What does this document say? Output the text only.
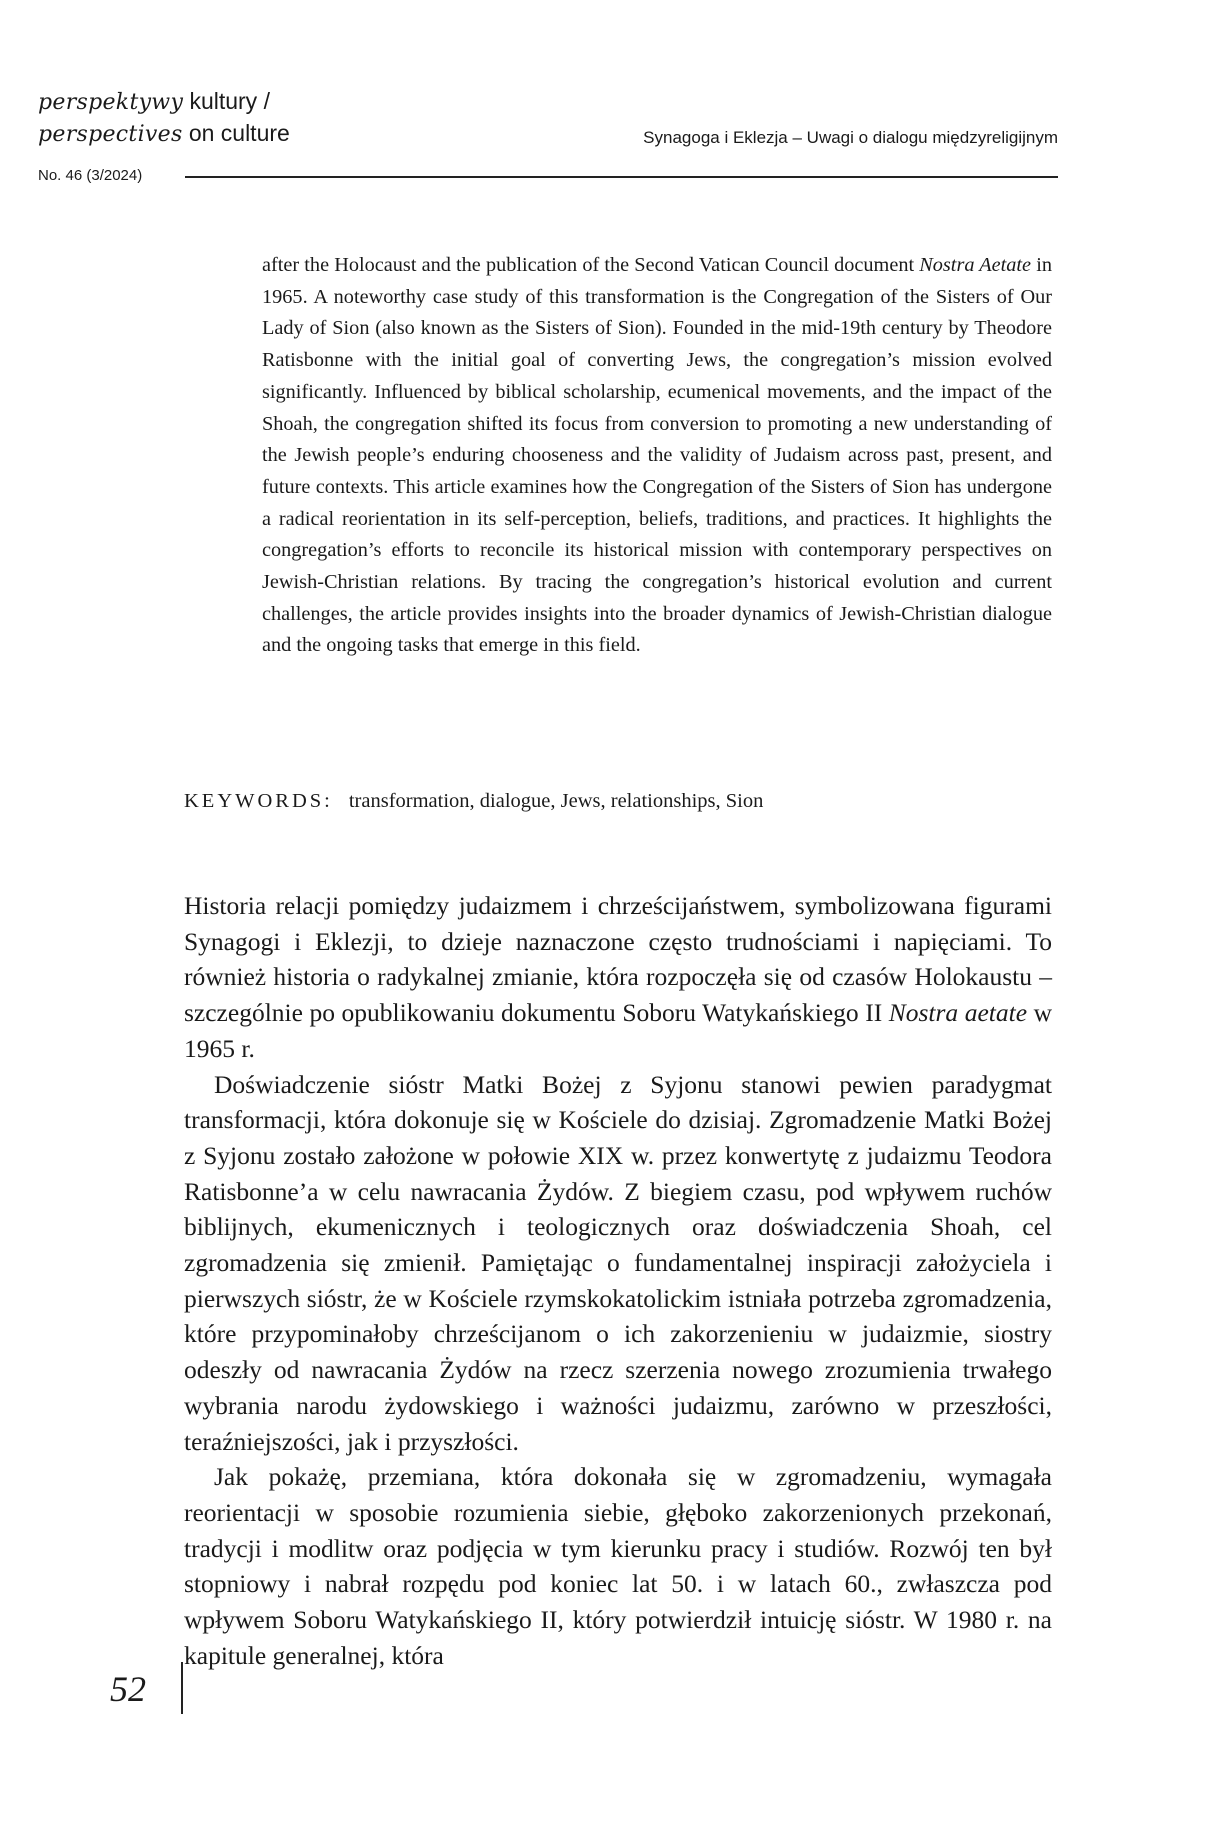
perspektywy kultury /
perspectives on culture
No. 46 (3/2024)
Synagoga i Eklezja – Uwagi o dialogu międzyreligijnym
after the Holocaust and the publication of the Second Vatican Council document Nostra Aetate in 1965. A noteworthy case study of this transformation is the Congregation of the Sisters of Our Lady of Sion (also known as the Sisters of Sion). Founded in the mid-19th century by Theodore Ratisbonne with the initial goal of converting Jews, the congregation’s mission evolved significantly. Influenced by biblical scholarship, ecumenical movements, and the impact of the Shoah, the congregation shifted its focus from conversion to promoting a new understanding of the Jewish people’s enduring chooseness and the validity of Judaism across past, present, and future contexts. This article examines how the Congregation of the Sisters of Sion has undergone a radical reorientation in its self-perception, beliefs, traditions, and practices. It highlights the congregation’s efforts to reconcile its historical mission with contemporary perspectives on Jewish-Christian relations. By tracing the congregation’s historical evolution and current challenges, the article provides insights into the broader dynamics of Jewish-Christian dialogue and the ongoing tasks that emerge in this field.
KEYWORDS: transformation, dialogue, Jews, relationships, Sion

Historia relacji pomiędzy judaizmem i chrześcijaństwem, symbolizowana figurami Synagogi i Eklezji, to dzieje naznaczone często trudnościami i napięciami. To również historia o radykalnej zmianie, która rozpoczęła się od czasów Holokaustu – szczególnie po opublikowaniu dokumentu Soboru Watykańskiego II Nostra aetate w 1965 r.

Doświadczenie sióstr Matki Bożej z Syjonu stanowi pewien paradygmat transformacji, która dokonuje się w Kościele do dzisiaj. Zgromadzenie Matki Bożej z Syjonu zostało założone w połowie XIX w. przez konwertytę z judaizmu Teodora Ratisbonne’a w celu nawracania Żydów. Z biegiem czasu, pod wpływem ruchów biblijnych, ekumenicznych i teologicznych oraz doświadczenia Shoah, cel zgromadzenia się zmienił. Pamiętając o fundamentalnej inspiracji założyciela i pierwszych sióstr, że w Kościele rzymskokatolickim istniała potrzeba zgromadzenia, które przypominałoby chrześcijanom o ich zakorzenieniu w judaizmie, siostry odeszły od nawracania Żydów na rzecz szerzenia nowego zrozumienia trwałego wybrania narodu żydowskiego i ważności judaizmu, zarówno w przeszłości, teraźniejszości, jak i przyszłości.

Jak pokażę, przemiana, która dokonała się w zgromadzeniu, wymagała reorientacji w sposobie rozumienia siebie, głęboko zakorzenionych przekonań, tradycji i modlitw oraz podjęcia w tym kierunku pracy i studiów. Rozwój ten był stopniowy i nabrał rozpędu pod koniec lat 50. i w latach 60., zwłaszcza pod wpływem Soboru Watykańskiego II, który potwierdził intuicję sióstr. W 1980 r. na kapitule generalnej, która

52
